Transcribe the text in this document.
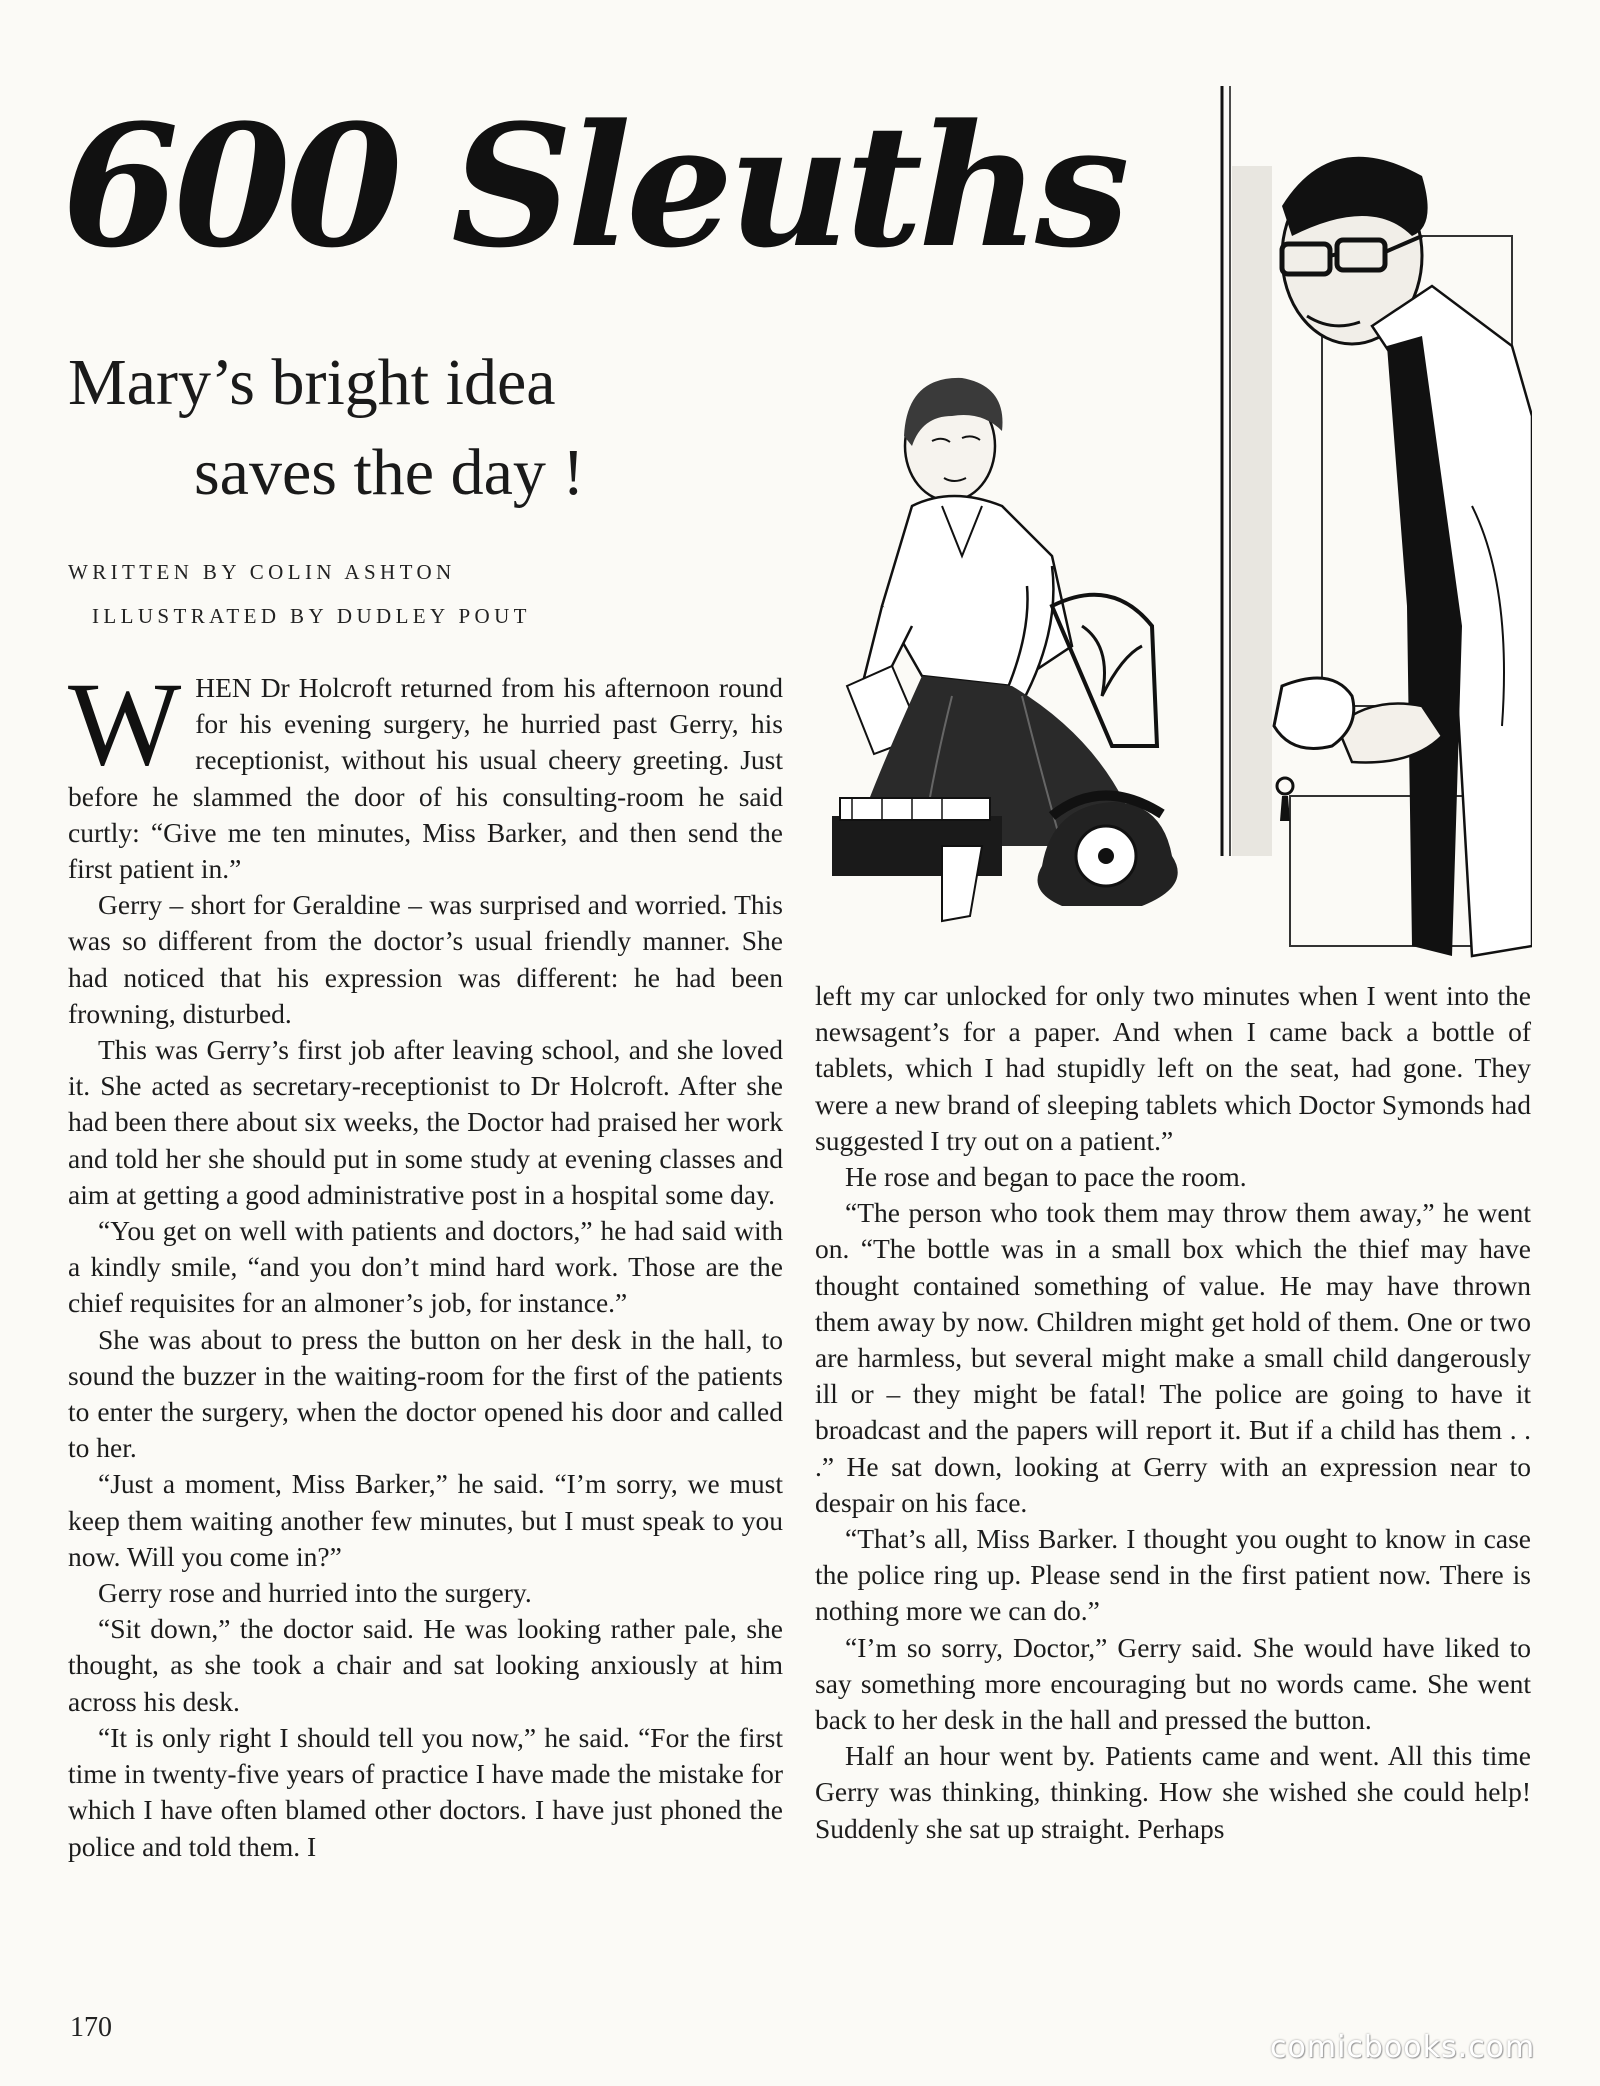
600 Sleuths
Mary’s bright idea
saves the day !
WRITTEN BY COLIN ASHTON
ILLUSTRATED BY DUDLEY POUT

WHEN Dr Holcroft returned from his afternoon round for his evening surgery, he hurried past Gerry, his receptionist, without his usual cheery greeting. Just before he slammed the door of his consulting-room he said curtly: “Give me ten minutes, Miss Barker, and then send the first patient in.”

Gerry – short for Geraldine – was surprised and worried. This was so different from the doctor’s usual friendly manner. She had noticed that his expression was different: he had been frowning, disturbed.

This was Gerry’s first job after leaving school, and she loved it. She acted as secretary-receptionist to Dr Holcroft. After she had been there about six weeks, the Doctor had praised her work and told her she should put in some study at evening classes and aim at getting a good administrative post in a hospital some day.

“You get on well with patients and doctors,” he had said with a kindly smile, “and you don’t mind hard work. Those are the chief requisites for an almoner’s job, for instance.”

She was about to press the button on her desk in the hall, to sound the buzzer in the waiting-room for the first of the patients to enter the surgery, when the doctor opened his door and called to her.

“Just a moment, Miss Barker,” he said. “I’m sorry, we must keep them waiting another few minutes, but I must speak to you now. Will you come in?”

Gerry rose and hurried into the surgery.

“Sit down,” the doctor said. He was looking rather pale, she thought, as she took a chair and sat looking anxiously at him across his desk.

“It is only right I should tell you now,” he said. “For the first time in twenty-five years of practice I have made the mistake for which I have often blamed other doctors. I have just phoned the police and told them. I

left my car unlocked for only two minutes when I went into the newsagent’s for a paper. And when I came back a bottle of tablets, which I had stupidly left on the seat, had gone. They were a new brand of sleeping tablets which Doctor Symonds had suggested I try out on a patient.”

He rose and began to pace the room.

“The person who took them may throw them away,” he went on. “The bottle was in a small box which the thief may have thought contained something of value. He may have thrown them away by now. Children might get hold of them. One or two are harmless, but several might make a small child dangerously ill or – they might be fatal! The police are going to have it broadcast and the papers will report it. But if a child has them . . .” He sat down, looking at Gerry with an expression near to despair on his face.

“That’s all, Miss Barker. I thought you ought to know in case the police ring up. Please send in the first patient now. There is nothing more we can do.”

“I’m so sorry, Doctor,” Gerry said. She would have liked to say something more encouraging but no words came. She went back to her desk in the hall and pressed the button.

Half an hour went by. Patients came and went. All this time Gerry was thinking, thinking. How she wished she could help! Suddenly she sat up straight. Perhaps

170
comicbooks.com
